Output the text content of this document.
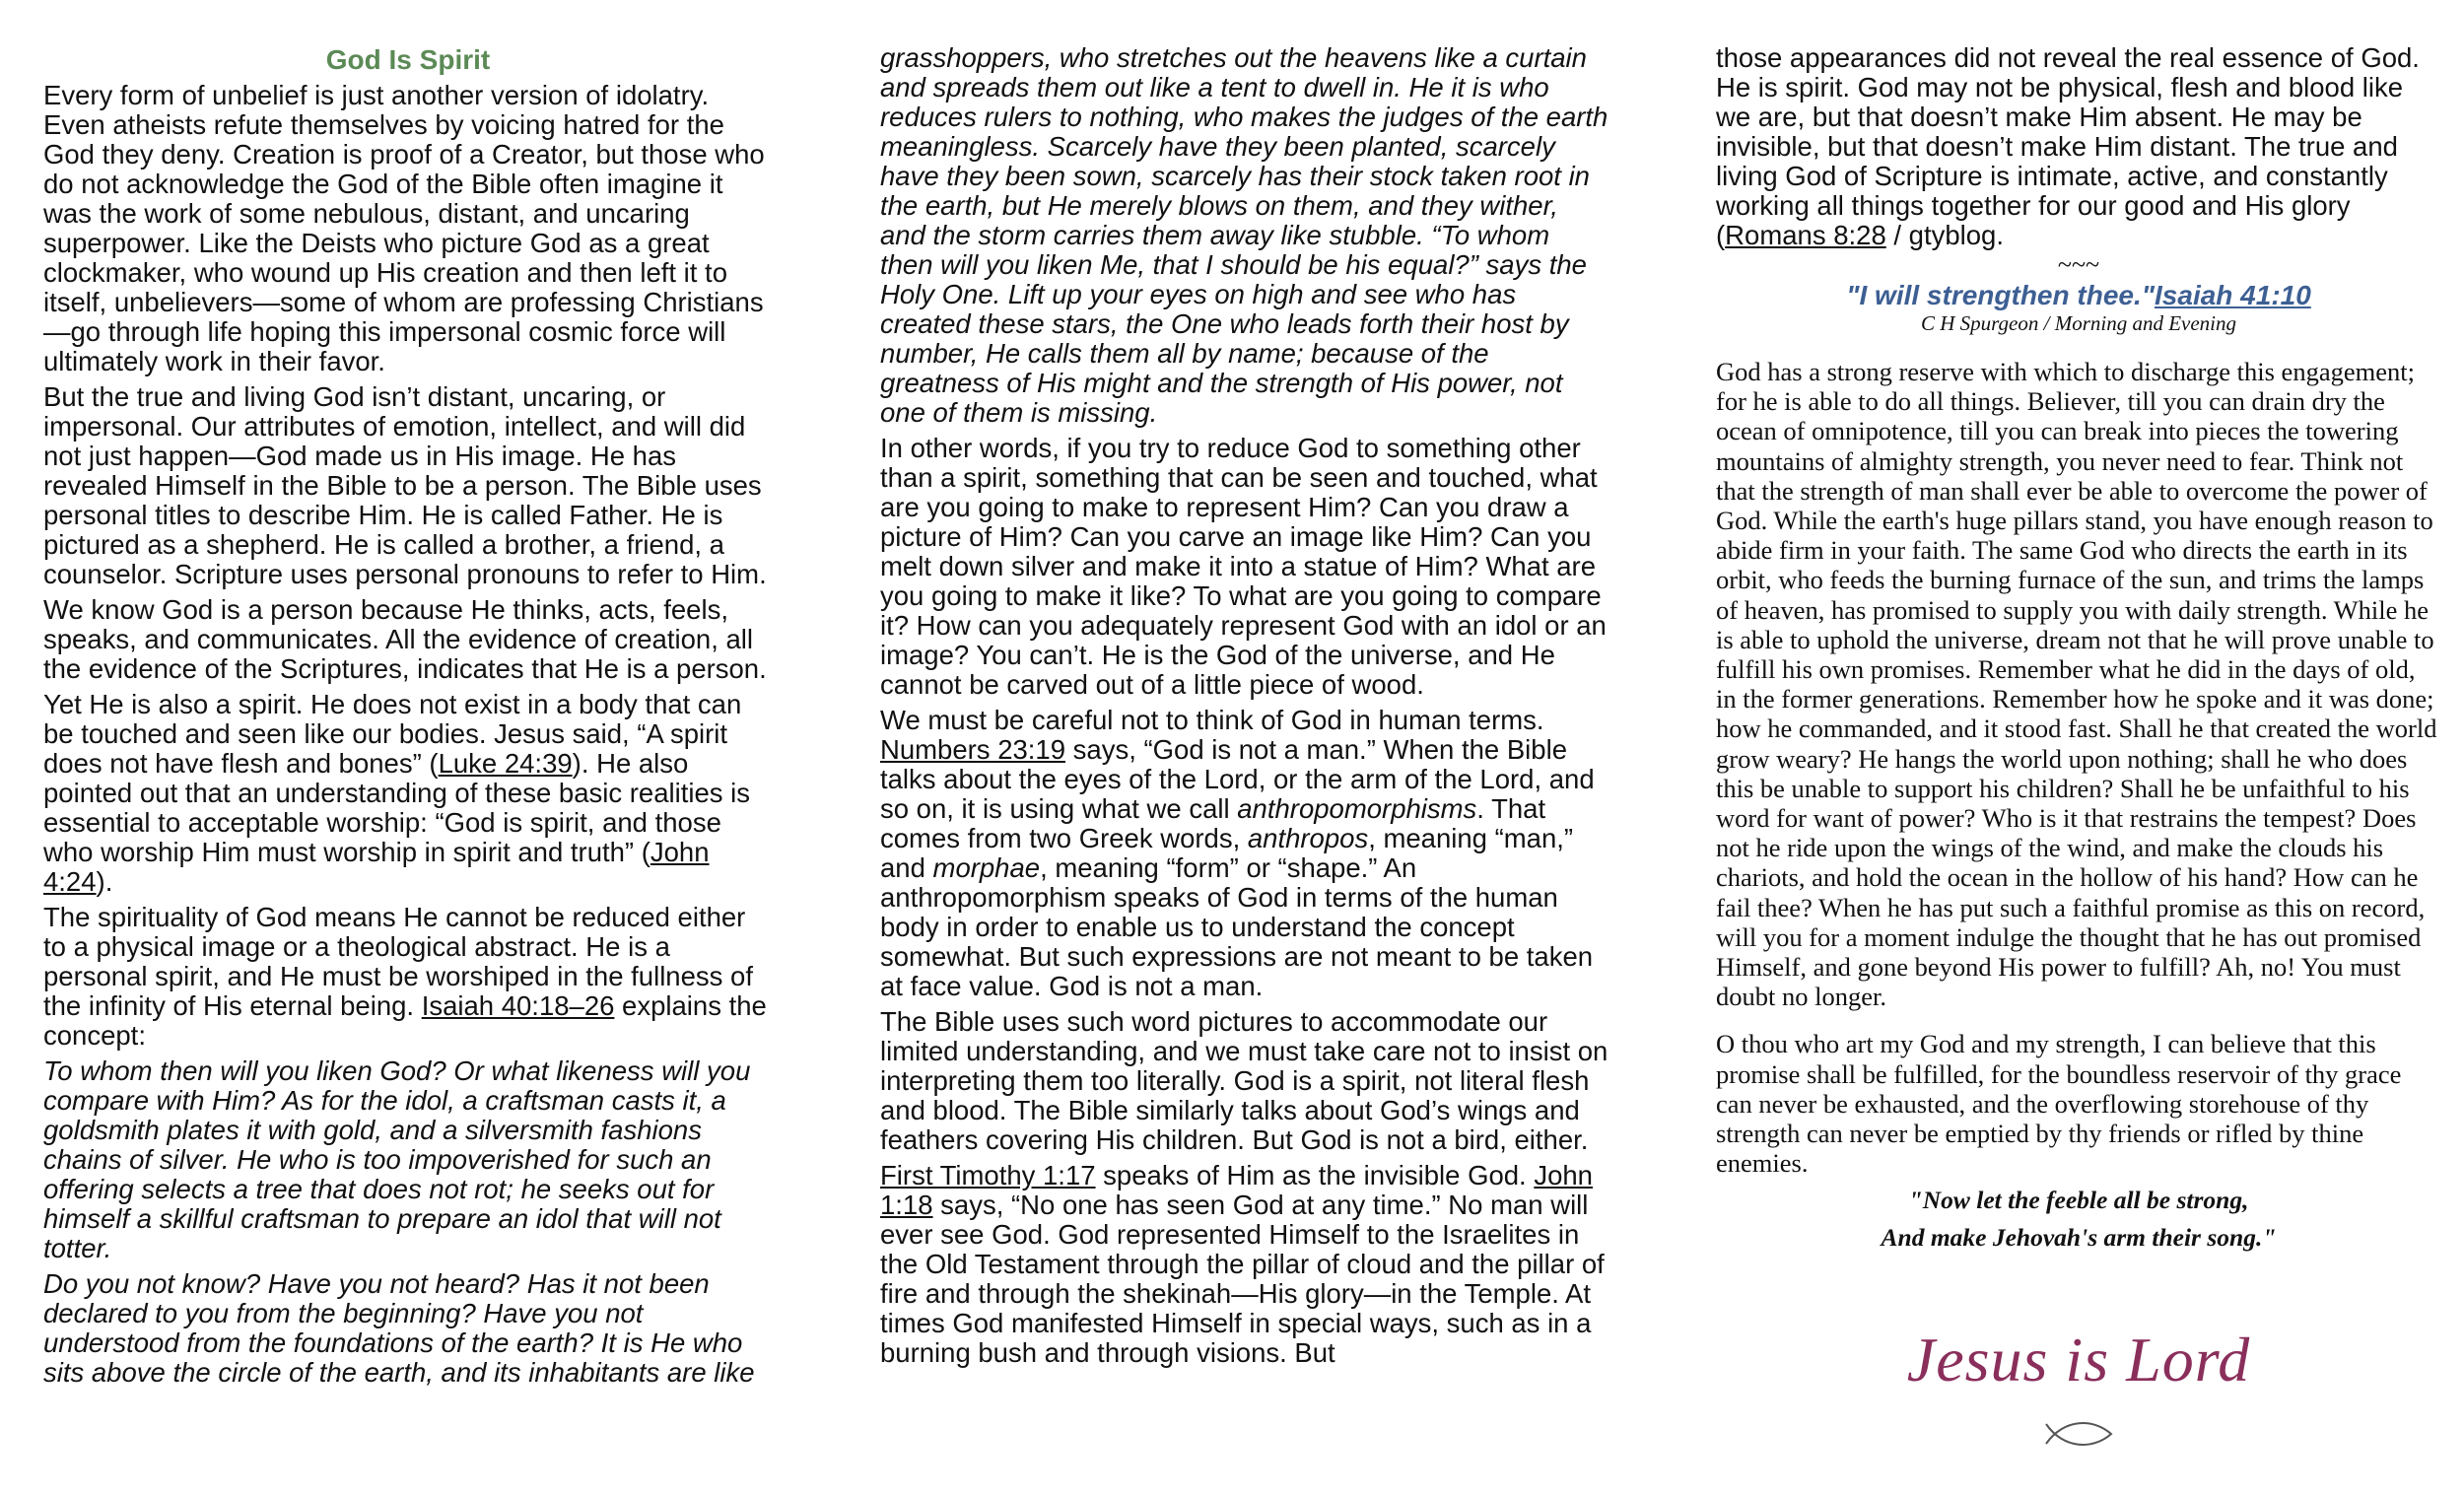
God Is Spirit

Every form of unbelief is just another version of idolatry. Even atheists refute themselves by voicing hatred for the God they deny. Creation is proof of a Creator, but those who do not acknowledge the God of the Bible often imagine it was the work of some nebulous, distant, and uncaring superpower. Like the Deists who picture God as a great clockmaker, who wound up His creation and then left it to itself, unbelievers—some of whom are professing Christians—go through life hoping this impersonal cosmic force will ultimately work in their favor.

But the true and living God isn’t distant, uncaring, or impersonal. Our attributes of emotion, intellect, and will did not just happen—God made us in His image. He has revealed Himself in the Bible to be a person. The Bible uses personal titles to describe Him. He is called Father. He is pictured as a shepherd. He is called a brother, a friend, a counselor. Scripture uses personal pronouns to refer to Him.

We know God is a person because He thinks, acts, feels, speaks, and communicates. All the evidence of creation, all the evidence of the Scriptures, indicates that He is a person.

Yet He is also a spirit. He does not exist in a body that can be touched and seen like our bodies. Jesus said, “A spirit does not have flesh and bones” (Luke 24:39). He also pointed out that an understanding of these basic realities is essential to acceptable worship: “God is spirit, and those who worship Him must worship in spirit and truth” (John 4:24).

The spirituality of God means He cannot be reduced either to a physical image or a theological abstract. He is a personal spirit, and He must be worshiped in the fullness of the infinity of His eternal being. Isaiah 40:18–26 explains the concept:

To whom then will you liken God? Or what likeness will you compare with Him? As for the idol, a craftsman casts it, a goldsmith plates it with gold, and a silversmith fashions chains of silver. He who is too impoverished for such an offering selects a tree that does not rot; he seeks out for himself a skillful craftsman to prepare an idol that will not totter.

Do you not know? Have you not heard? Has it not been declared to you from the beginning? Have you not understood from the foundations of the earth? It is He who sits above the circle of the earth, and its inhabitants are like

grasshoppers, who stretches out the heavens like a curtain and spreads them out like a tent to dwell in. He it is who reduces rulers to nothing, who makes the judges of the earth meaningless. Scarcely have they been planted, scarcely have they been sown, scarcely has their stock taken root in the earth, but He merely blows on them, and they wither, and the storm carries them away like stubble. “To whom then will you liken Me, that I should be his equal?” says the Holy One. Lift up your eyes on high and see who has created these stars, the One who leads forth their host by number, He calls them all by name; because of the greatness of His might and the strength of His power, not one of them is missing.

In other words, if you try to reduce God to something other than a spirit, something that can be seen and touched, what are you going to make to represent Him? Can you draw a picture of Him? Can you carve an image like Him? Can you melt down silver and make it into a statue of Him? What are you going to make it like? To what are you going to compare it? How can you adequately represent God with an idol or an image? You can’t. He is the God of the universe, and He cannot be carved out of a little piece of wood.

We must be careful not to think of God in human terms. Numbers 23:19 says, “God is not a man.” When the Bible talks about the eyes of the Lord, or the arm of the Lord, and so on, it is using what we call anthropomorphisms. That comes from two Greek words, anthropos, meaning “man,” and morphae, meaning “form” or “shape.” An anthropomorphism speaks of God in terms of the human body in order to enable us to understand the concept somewhat. But such expressions are not meant to be taken at face value. God is not a man.

The Bible uses such word pictures to accommodate our limited understanding, and we must take care not to insist on interpreting them too literally. God is a spirit, not literal flesh and blood. The Bible similarly talks about God’s wings and feathers covering His children. But God is not a bird, either.

First Timothy 1:17 speaks of Him as the invisible God. John 1:18 says, “No one has seen God at any time.” No man will ever see God. God represented Himself to the Israelites in the Old Testament through the pillar of cloud and the pillar of fire and through the shekinah—His glory—in the Temple. At times God manifested Himself in special ways, such as in a burning bush and through visions. But

those appearances did not reveal the real essence of God. He is spirit. God may not be physical, flesh and blood like we are, but that doesn’t make Him absent. He may be invisible, but that doesn’t make Him distant. The true and living God of Scripture is intimate, active, and constantly working all things together for our good and His glory (Romans 8:28 / gtyblog.
~~~
"I will strengthen thee."Isaiah 41:10
C H Spurgeon / Morning and Evening

God has a strong reserve with which to discharge this engagement; for he is able to do all things. Believer, till you can drain dry the ocean of omnipotence, till you can break into pieces the towering mountains of almighty strength, you never need to fear. Think not that the strength of man shall ever be able to overcome the power of God. While the earth's huge pillars stand, you have enough reason to abide firm in your faith. The same God who directs the earth in its orbit, who feeds the burning furnace of the sun, and trims the lamps of heaven, has promised to supply you with daily strength. While he is able to uphold the universe, dream not that he will prove unable to fulfill his own promises. Remember what he did in the days of old, in the former generations. Remember how he spoke and it was done; how he commanded, and it stood fast. Shall he that created the world grow weary? He hangs the world upon nothing; shall he who does this be unable to support his children? Shall he be unfaithful to his word for want of power? Who is it that restrains the tempest? Does not he ride upon the wings of the wind, and make the clouds his chariots, and hold the ocean in the hollow of his hand? How can he fail thee? When he has put such a faithful promise as this on record, will you for a moment indulge the thought that he has out promised Himself, and gone beyond His power to fulfill? Ah, no! You must doubt no longer.

O thou who art my God and my strength, I can believe that this promise shall be fulfilled, for the boundless reservoir of thy grace can never be exhausted, and the overflowing storehouse of thy strength can never be emptied by thy friends or rifled by thine enemies.

"Now let the feeble all be strong,

And make Jehovah's arm their song."

Jesus is Lord
